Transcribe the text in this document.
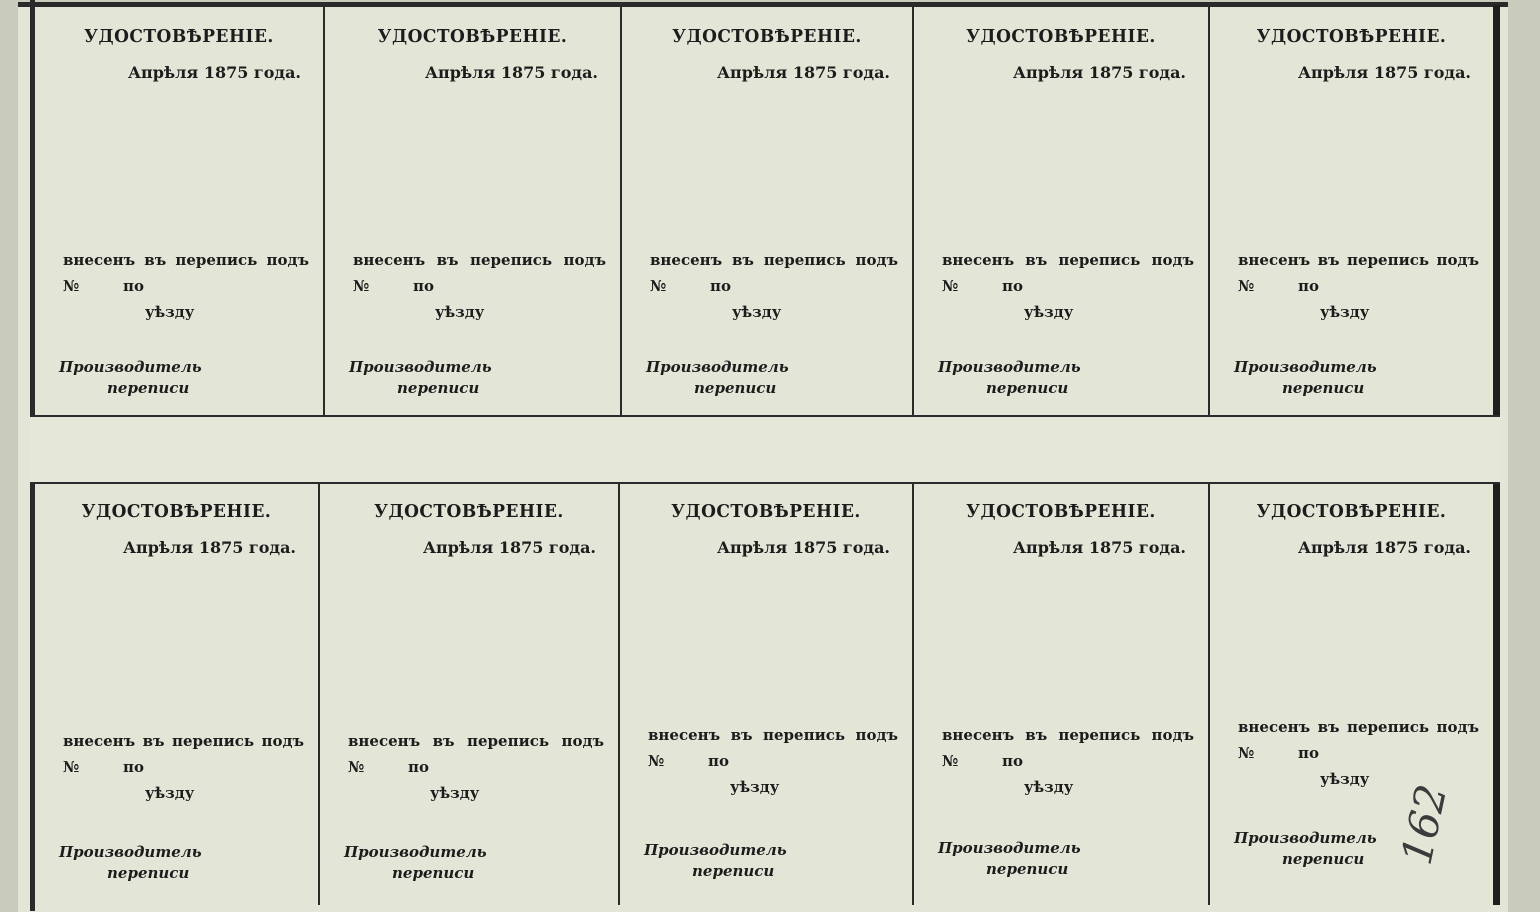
УДОСТОВѢРЕНІЕ.
Апрѣля 1875 года.
внесенъ въ перепись подъ
№	по
уѣзду
Производитель
переписи
УДОСТОВѢРЕНІЕ.
Апрѣля 1875 года.
внесенъ въ перепись подъ
№	по
уѣзду
Производитель
переписи
УДОСТОВѢРЕНІЕ.
Апрѣля 1875 года.
внесенъ въ перепись подъ
№	по
уѣзду
Производитель
переписи
УДОСТОВѢРЕНІЕ.
Апрѣля 1875 года.
внесенъ въ перепись подъ
№	по
уѣзду
Производитель
переписи
УДОСТОВѢРЕНІЕ.
Апрѣля 1875 года.
внесенъ въ перепись подъ
№	по
уѣзду
Производитель
переписи
УДОСТОВѢРЕНІЕ.
Апрѣля 1875 года.
внесенъ въ перепись подъ
№	по
уѣзду
Производитель
переписи
УДОСТОВѢРЕНІЕ.
Апрѣля 1875 года.
внесенъ въ перепись подъ
№	по
уѣзду
Производитель
переписи
УДОСТОВѢРЕНІЕ.
Апрѣля 1875 года.
внесенъ въ перепись подъ
№	по
уѣзду
Производитель
переписи
УДОСТОВѢРЕНІЕ.
Апрѣля 1875 года.
внесенъ въ перепись подъ
№	по
уѣзду
Производитель
переписи
УДОСТОВѢРЕНІЕ.
Апрѣля 1875 года.
внесенъ въ перепись подъ
№	по
уѣзду
Производитель
переписи 162
